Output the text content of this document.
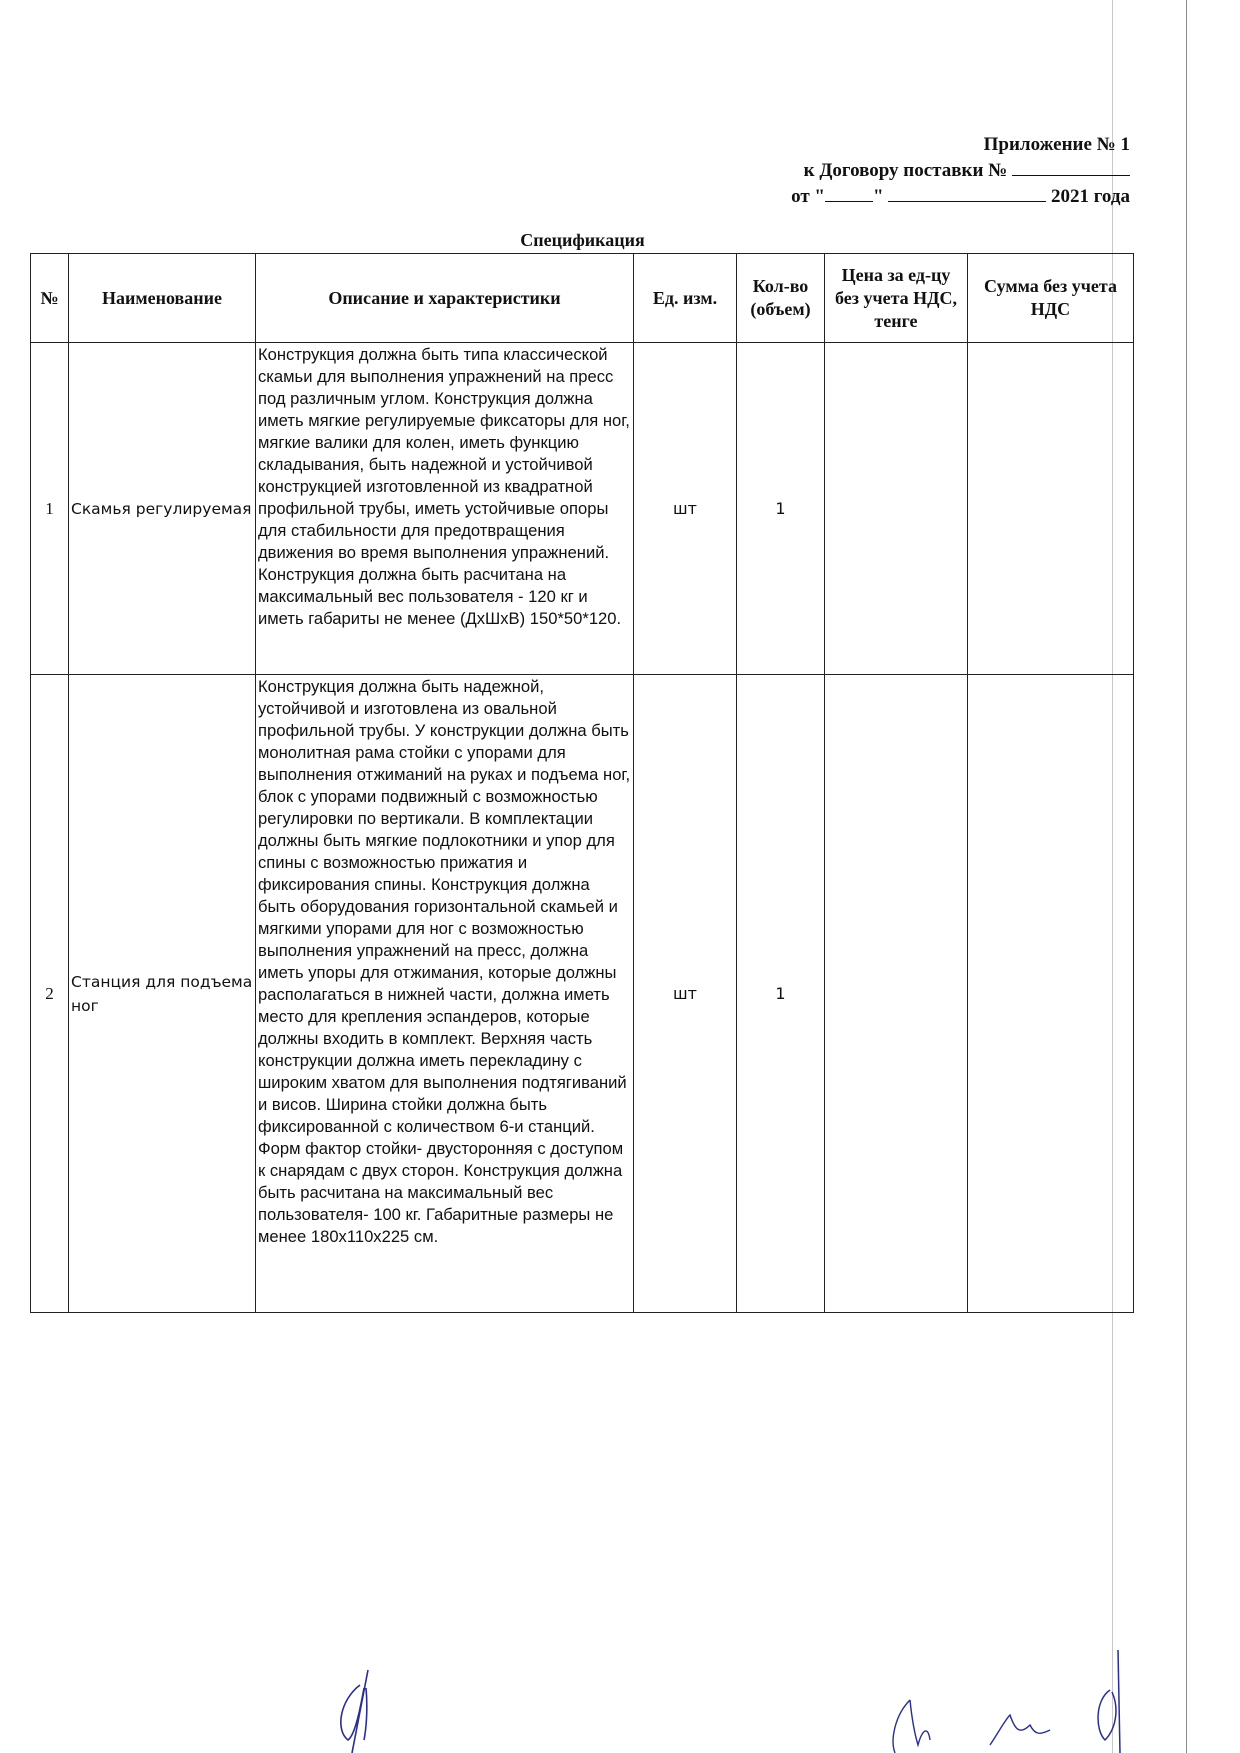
Приложение № 1
к Договору поставки №
от "	"	2021 года
Спецификация
№	Наименование	Описание и характеристики	Ед. изм.	Кол-во (объем)	Цена за ед-цу без учета НДС, тенге	Сумма без учета НДС
1	Скамья регулируемая	Конструкция должна быть типа классической скамьи для выполнения упражнений на пресс под различным углом. Конструкция должна иметь мягкие регулируемые фиксаторы для ног, мягкие валики для колен, иметь функцию складывания, быть надежной и устойчивой конструкцией изготовленной из квадратной профильной трубы, иметь устойчивые опоры для стабильности для предотвращения движения во время выполнения упражнений. Конструкция должна быть расчитана на максимальный вес пользователя - 120 кг и иметь габариты не менее (ДхШхВ) 150*50*120.	шт	1		
2	Станция для подъема ног	Конструкция должна быть надежной, устойчивой и изготовлена из овальной профильной трубы. У конструкции должна быть монолитная рама стойки с упорами для выполнения отжиманий на руках и подъема ног, блок с упорами подвижный с возможностью регулировки по вертикали. В комплектации должны быть мягкие подлокотники и упор для спины с возможностью прижатия и фиксирования спины. Конструкция должна быть оборудования горизонтальной скамьей и мягкими упорами для ног с возможностью выполнения упражнений на пресс, должна иметь упоры для отжимания, которые должны располагаться в нижней части, должна иметь место для крепления эспандеров, которые должны входить в комплект. Верхняя часть конструкции должна иметь перекладину с широким хватом для выполнения подтягиваний и висов. Ширина стойки должна быть фиксированной с количеством 6-и станций. Форм фактор стойки- двусторонняя с доступом к снарядам с двух сторон. Конструкция должна быть расчитана на максимальный вес пользователя- 100 кг. Габаритные размеры не менее 180х110х225 см.	шт	1		
